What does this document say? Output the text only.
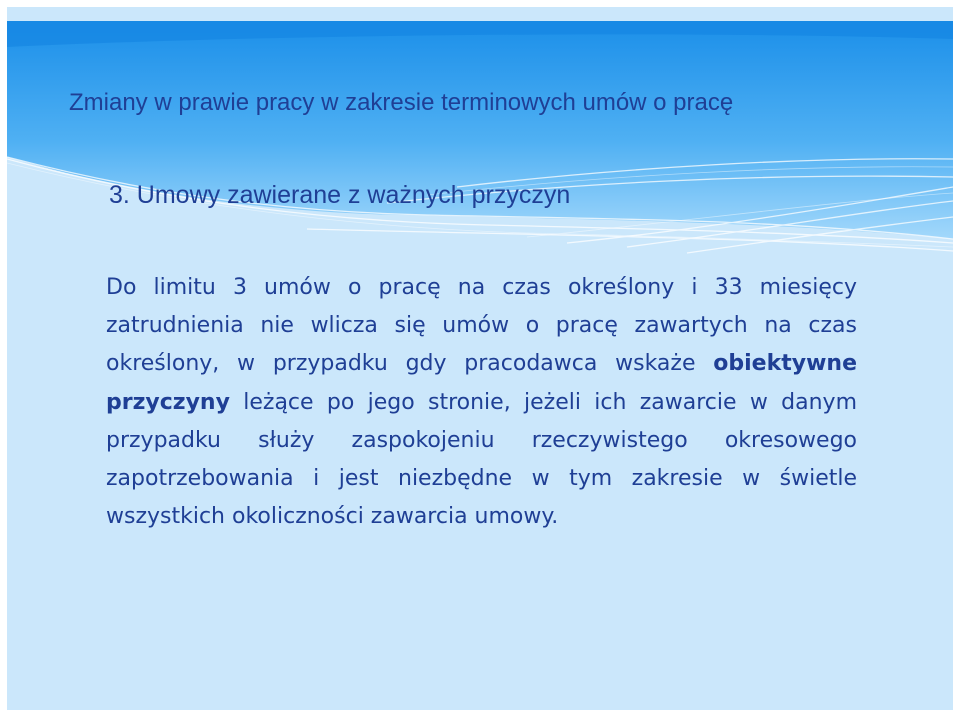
Zmiany w prawie pracy w zakresie terminowych umów o pracę
3. Umowy zawierane z ważnych przyczyn

Do limitu 3 umów o pracę na czas określony i 33 miesięcy zatrudnienia nie wlicza się umów o pracę zawartych na czas określony, w przypadku gdy pracodawca wskaże obiektywne przyczyny leżące po jego stronie, jeżeli ich zawarcie w danym przypadku służy zaspokojeniu rzeczywistego okresowego zapotrzebowania i jest niezbędne w tym zakresie w świetle wszystkich okoliczności zawarcia umowy.
